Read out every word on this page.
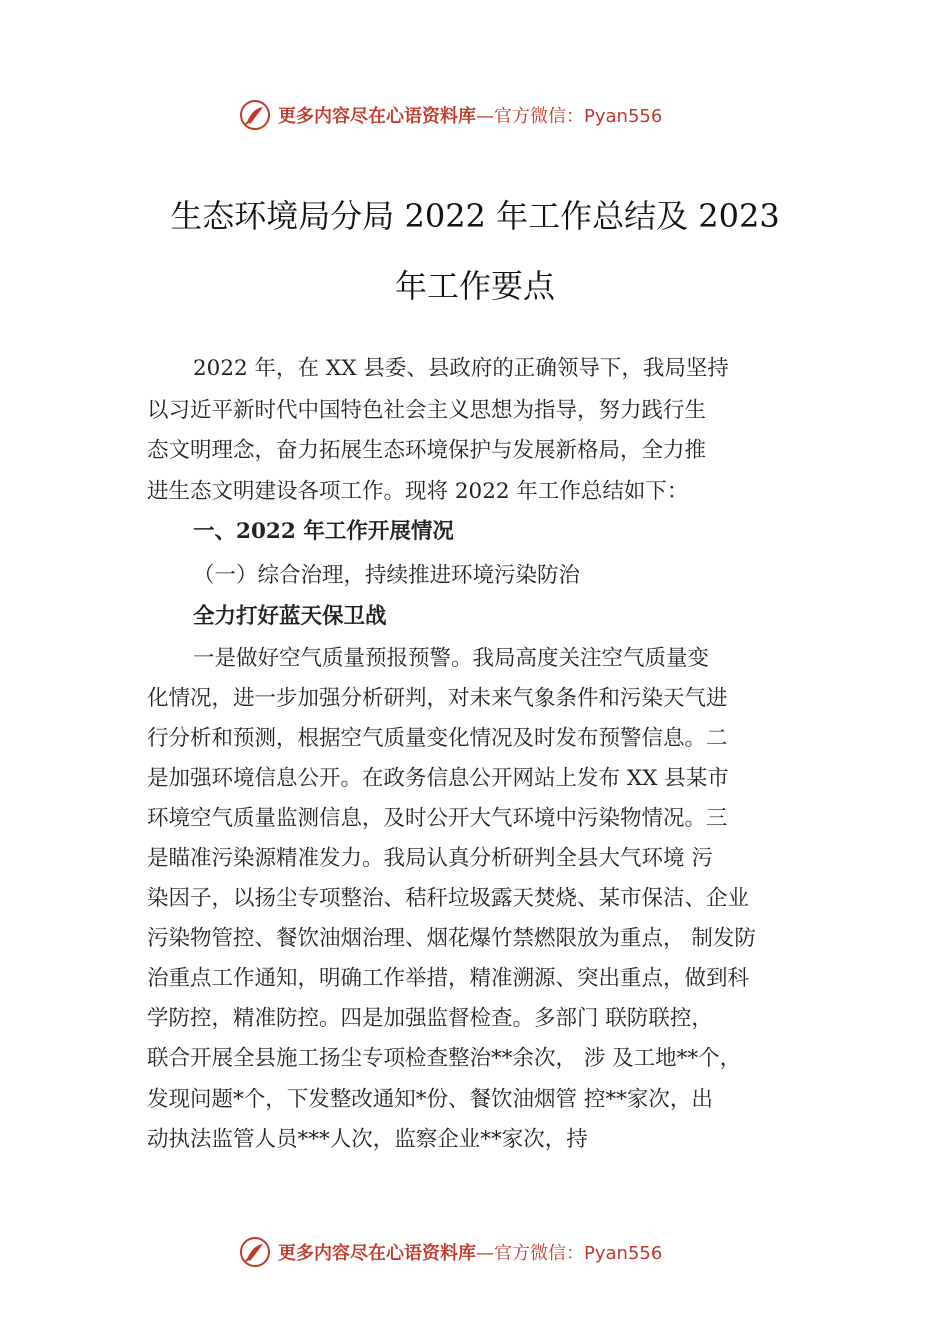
更多内容尽在心语资料库 —官方微信：Pyan556
生态环境局分局 2022 年工作总结及 2023
年工作要点
2022 年，在 XX 县委、县政府的正确领导下，我局坚持
以习近平新时代中国特色社会主义思想为指导，努力践行生
态文明理念，奋力拓展生态环境保护与发展新格局，全力推
进生态文明建设各项工作。现将 2022 年工作总结如下：
一、2022 年工作开展情况
（一）综合治理，持续推进环境污染防治
全力打好蓝天保卫战
一是做好空气质量预报预警。我局高度关注空气质量变
化情况，进一步加强分析研判，对未来气象条件和污染天气进
行分析和预测，根据空气质量变化情况及时发布预警信息。二
是加强环境信息公开。在政务信息公开网站上发布 XX 县某市
环境空气质量监测信息，及时公开大气环境中污染物情况。三
是瞄准污染源精准发力。我局认真分析研判全县大气环境 污
染因子，以扬尘专项整治、秸秆垃圾露天焚烧、某市保洁、企业
污染物管控、餐饮油烟治理、烟花爆竹禁燃限放为重点， 制发防
治重点工作通知，明确工作举措，精准溯源、突出重点，做到科
学防控，精准防控。四是加强监督检查。多部门 联防联控，
联合开展全县施工扬尘专项检查整治**余次， 涉 及工地**个，
发现问题*个，下发整改通知*份、餐饮油烟管 控**家次，出
动执法监管人员***人次，监察企业**家次，持
更多内容尽在心语资料库 —官方微信：Pyan556
